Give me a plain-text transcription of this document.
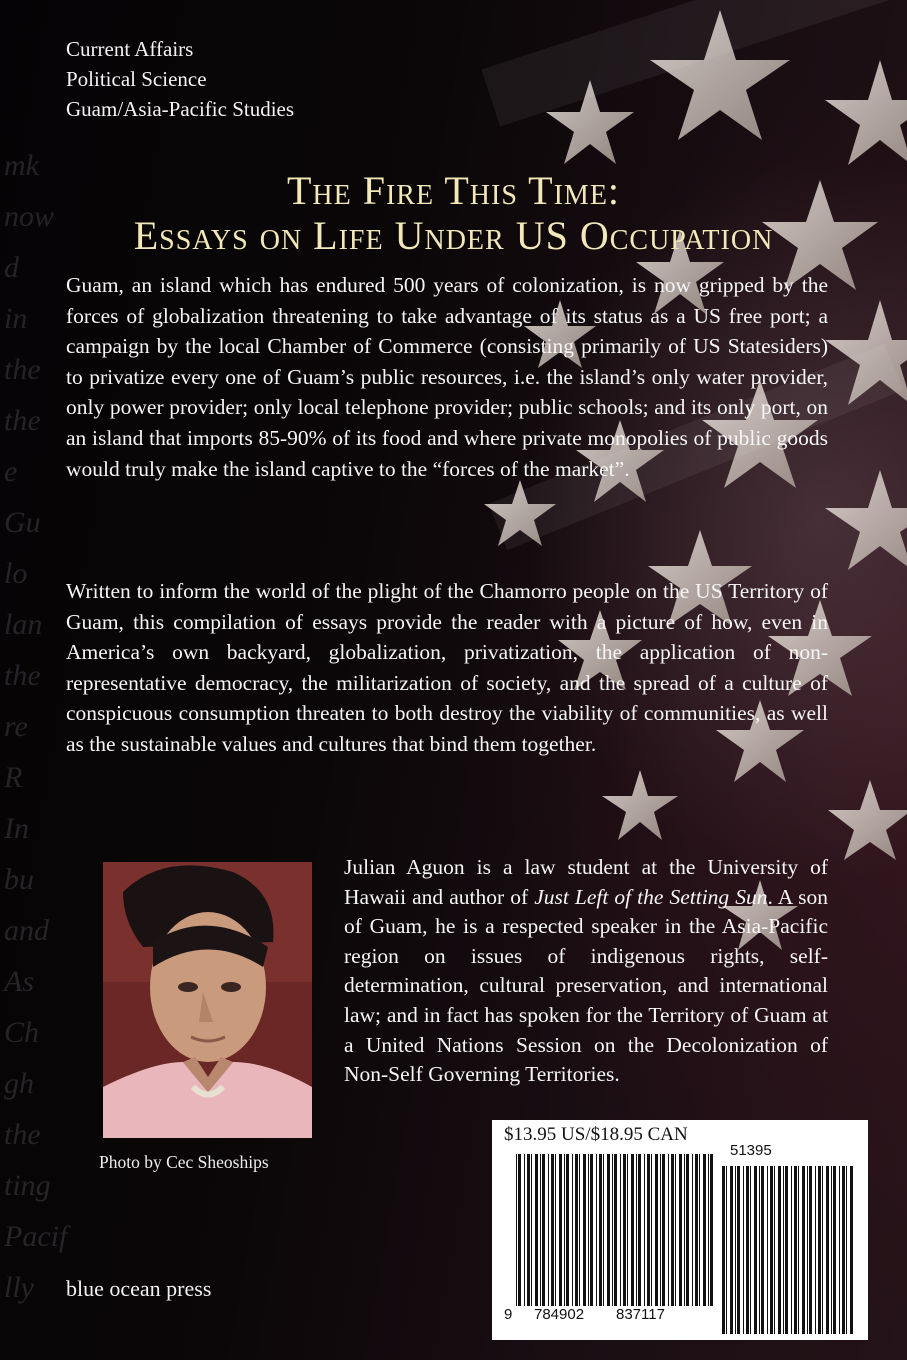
mk
now
d
in
the
the
e
Gu
lo
lan
the
re
R
In
bu
and
As
Ch
gh
the
ting
Pacif
lly
Current Affairs
Political Science
Guam/Asia-Pacific Studies
The Fire This Time:
Essays on Life Under US Occupation
Guam, an island which has endured 500 years of colonization, is now gripped by the forces of globalization threatening to take advantage of its status as a US free port; a campaign by the local Chamber of Commerce (consisting primarily of US Statesiders) to privatize every one of Guam’s public resources, i.e. the island’s only water provider, only power provider; only local telephone provider; public schools; and its only port, on an island that imports 85-90% of its food and where private monopolies of public goods would truly make the island captive to the “forces of the market”.
Written to inform the world of the plight of the Chamorro people on the US Territory of Guam, this compilation of essays provide the reader with a picture of how, even in America’s own backyard, globalization, privatization, the application of non-representative democracy, the militarization of society, and the spread of a culture of conspicuous consumption threaten to both destroy the viability of communities, as well as the sustainable values and cultures that bind them together.
Photo by Cec Sheoships
Julian Aguon is a law student at the University of Hawaii and author of Just Left of the Setting Sun. A son of Guam, he is a respected speaker in the Asia-Pacific region on issues of indigenous rights, self-determination, cultural preservation, and international law; and in fact has spoken for the Territory of Guam at a United Nations Session on the Decolonization of Non-Self Governing Territories.
blue ocean press
$13.95 US/$18.95 CAN
9 784902 837117
51395
